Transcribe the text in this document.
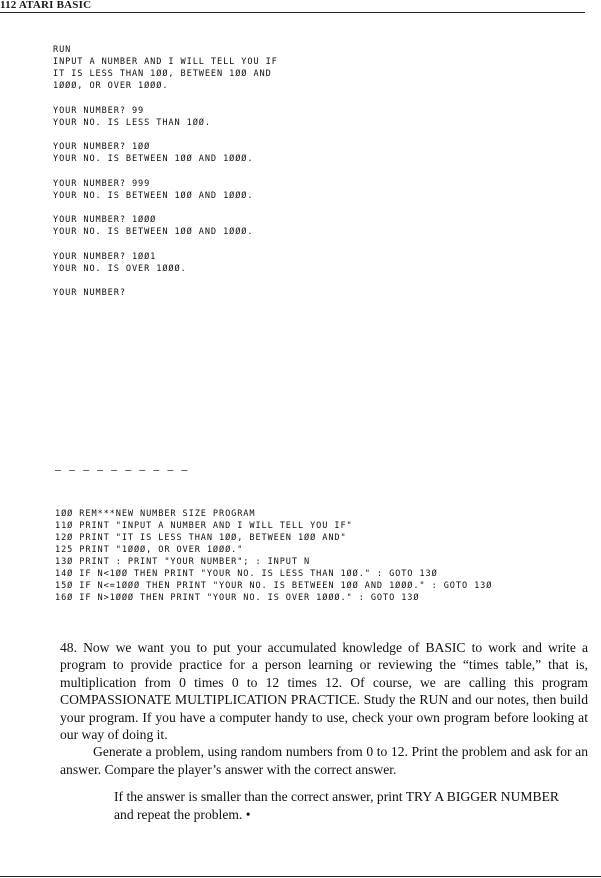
112 ATARI BASIC
RUN
INPUT A NUMBER AND I WILL TELL YOU IF
IT IS LESS THAN 1ØØ, BETWEEN 1ØØ AND
1ØØØ, OR OVER 1ØØØ.
YOUR NUMBER? 99
YOUR NO. IS LESS THAN 1ØØ.
YOUR NUMBER? 1ØØ
YOUR NO. IS BETWEEN 1ØØ AND 1ØØØ.
YOUR NUMBER? 999
YOUR NO. IS BETWEEN 1ØØ AND 1ØØØ.
YOUR NUMBER? 1ØØØ
YOUR NO. IS BETWEEN 1ØØ AND 1ØØØ.
YOUR NUMBER? 1ØØ1
YOUR NO. IS OVER 1ØØØ.
YOUR NUMBER?
— — — — — — — — — —
1ØØ REM***NEW NUMBER SIZE PROGRAM
11Ø PRINT "INPUT A NUMBER AND I WILL TELL YOU IF"
12Ø PRINT "IT IS LESS THAN 1ØØ, BETWEEN 1ØØ AND"
125 PRINT "1ØØØ, OR OVER 1ØØØ."
13Ø PRINT : PRINT "YOUR NUMBER"; : INPUT N
14Ø IF N<1ØØ THEN PRINT "YOUR NO. IS LESS THAN 1ØØ." : GOTO 13Ø
15Ø IF N<=1ØØØ THEN PRINT "YOUR NO. IS BETWEEN 1ØØ AND 1ØØØ." : GOTO 13Ø
16Ø IF N>1ØØØ THEN PRINT "YOUR NO. IS OVER 1ØØØ." : GOTO 13Ø

48. Now we want you to put your accumulated knowledge of BASIC to work and write a program to provide practice for a person learning or reviewing the “times table,” that is, multiplication from 0 times 0 to 12 times 12. Of course, we are calling this program COMPASSIONATE MULTIPLICATION PRACTICE. Study the RUN and our notes, then build your program. If you have a computer handy to use, check your own program before looking at our way of doing it.

Generate a problem, using random numbers from 0 to 12. Print the problem and ask for an answer. Compare the player’s answer with the correct answer.

If the answer is smaller than the correct answer, print TRY A BIGGER NUMBER and repeat the problem. •
